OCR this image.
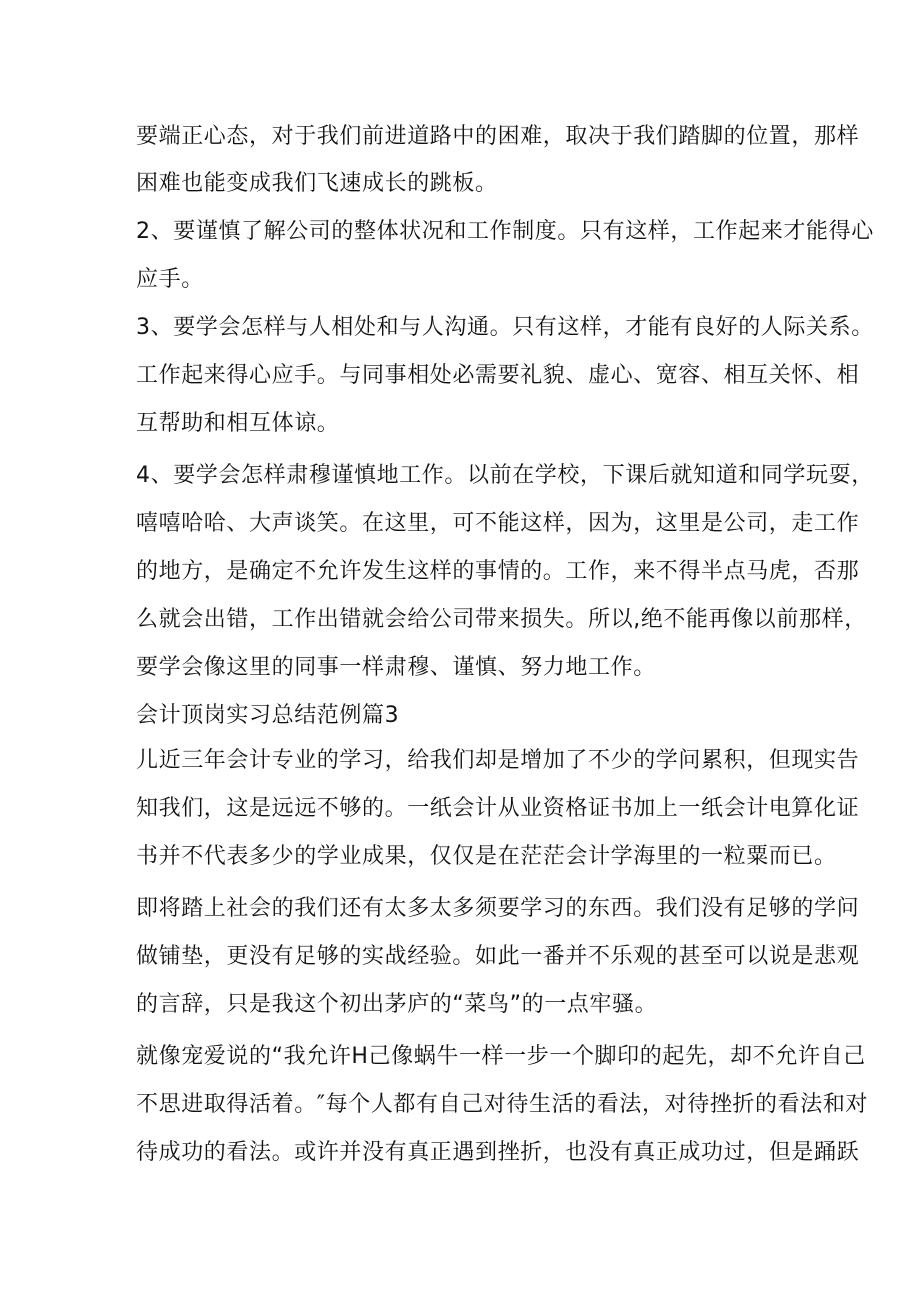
要端正心态，对于我们前进道路中的困难，取决于我们踏脚的位置，那样

困难也能变成我们飞速成长的跳板。

2、要谨慎了解公司的整体状况和工作制度。只有这样，工作起来才能得心

应手。

3、要学会怎样与人相处和与人沟通。只有这样，才能有良好的人际关系。

工作起来得心应手。与同事相处必需要礼貌、虚心、宽容、相互关怀、相

互帮助和相互体谅。

4、要学会怎样肃穆谨慎地工作。以前在学校，下课后就知道和同学玩耍，

嘻嘻哈哈、大声谈笑。在这里，可不能这样，因为，这里是公司，走工作

的地方，是确定不允许发生这样的事情的。工作，来不得半点马虎，否那

么就会出错，工作出错就会给公司带来损失。所以,绝不能再像以前那样，

要学会像这里的同事一样肃穆、谨慎、努力地工作。

会计顶岗实习总结范例篇3

儿近三年会计专业的学习，给我们却是增加了不少的学问累积，但现实告

知我们，这是远远不够的。一纸会计从业资格证书加上一纸会计电算化证

书并不代表多少的学业成果，仅仅是在茫茫会计学海里的一粒粟而已。

即将踏上社会的我们还有太多太多须要学习的东西。我们没有足够的学问

做铺垫，更没有足够的实战经验。如此一番并不乐观的甚至可以说是悲观

的言辞，只是我这个初出茅庐的“菜鸟”的一点牢骚。

就像宠爱说的“我允许H己像蜗牛一样一步一个脚印的起先，却不允许自己

不思进取得活着。″每个人都有自己对待生活的看法，对待挫折的看法和对

待成功的看法。或许并没有真正遇到挫折，也没有真正成功过，但是踊跃
